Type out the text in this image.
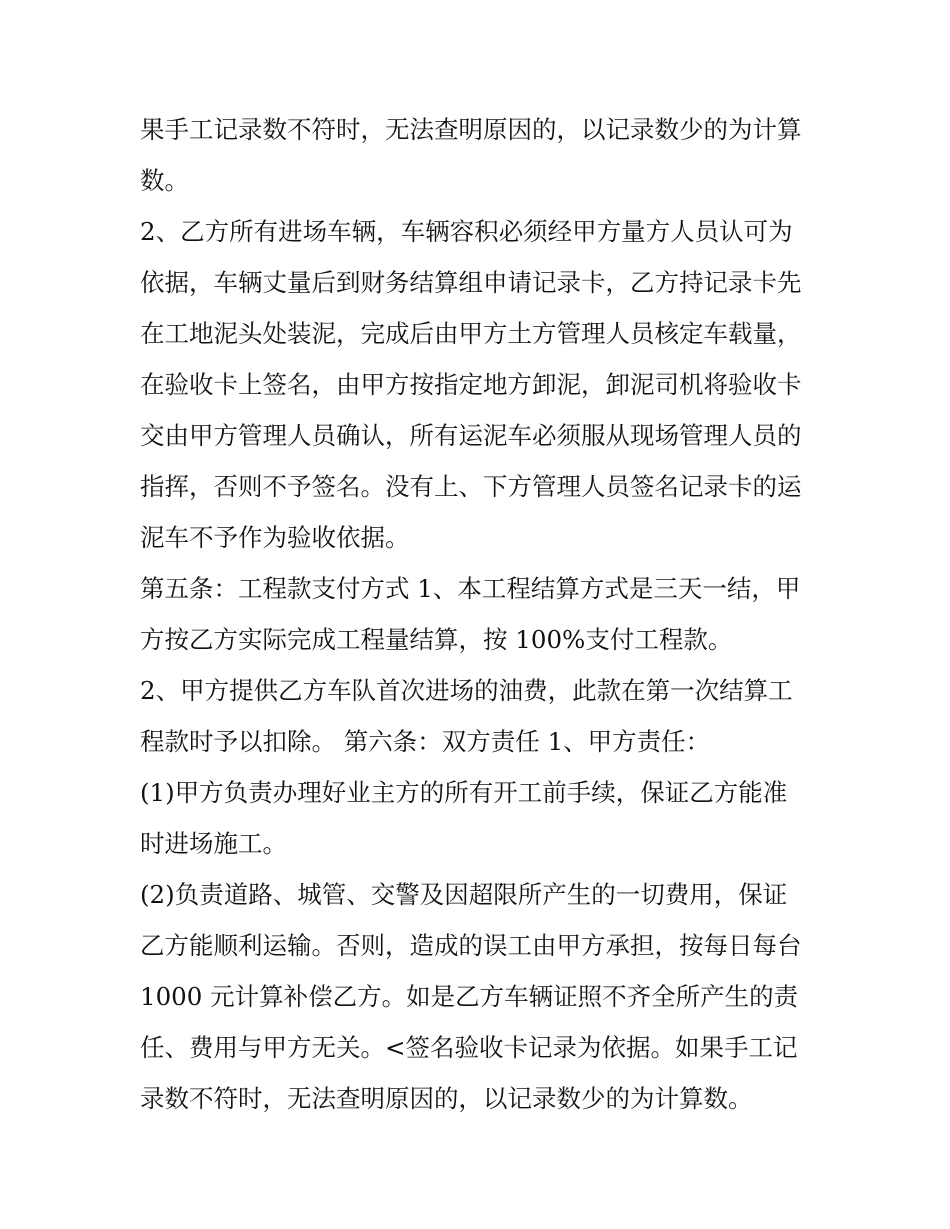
果手工记录数不符时，无法查明原因的，以记录数少的为计算
数。
2、乙方所有进场车辆，车辆容积必须经甲方量方人员认可为
依据，车辆丈量后到财务结算组申请记录卡，乙方持记录卡先
在工地泥头处装泥，完成后由甲方土方管理人员核定车载量，
在验收卡上签名，由甲方按指定地方卸泥，卸泥司机将验收卡
交由甲方管理人员确认，所有运泥车必须服从现场管理人员的
指挥，否则不予签名。没有上、下方管理人员签名记录卡的运
泥车不予作为验收依据。
第五条：工程款支付方式 1、本工程结算方式是三天一结，甲
方按乙方实际完成工程量结算，按 100%支付工程款。
2、甲方提供乙方车队首次进场的油费，此款在第一次结算工
程款时予以扣除。 第六条：双方责任 1、甲方责任：
(1)甲方负责办理好业主方的所有开工前手续，保证乙方能准
时进场施工。
(2)负责道路、城管、交警及因超限所产生的一切费用，保证
乙方能顺利运输。否则，造成的误工由甲方承担，按每日每台
1000 元计算补偿乙方。如是乙方车辆证照不齐全所产生的责
任、费用与甲方无关。<签名验收卡记录为依据。如果手工记
录数不符时，无法查明原因的，以记录数少的为计算数。
